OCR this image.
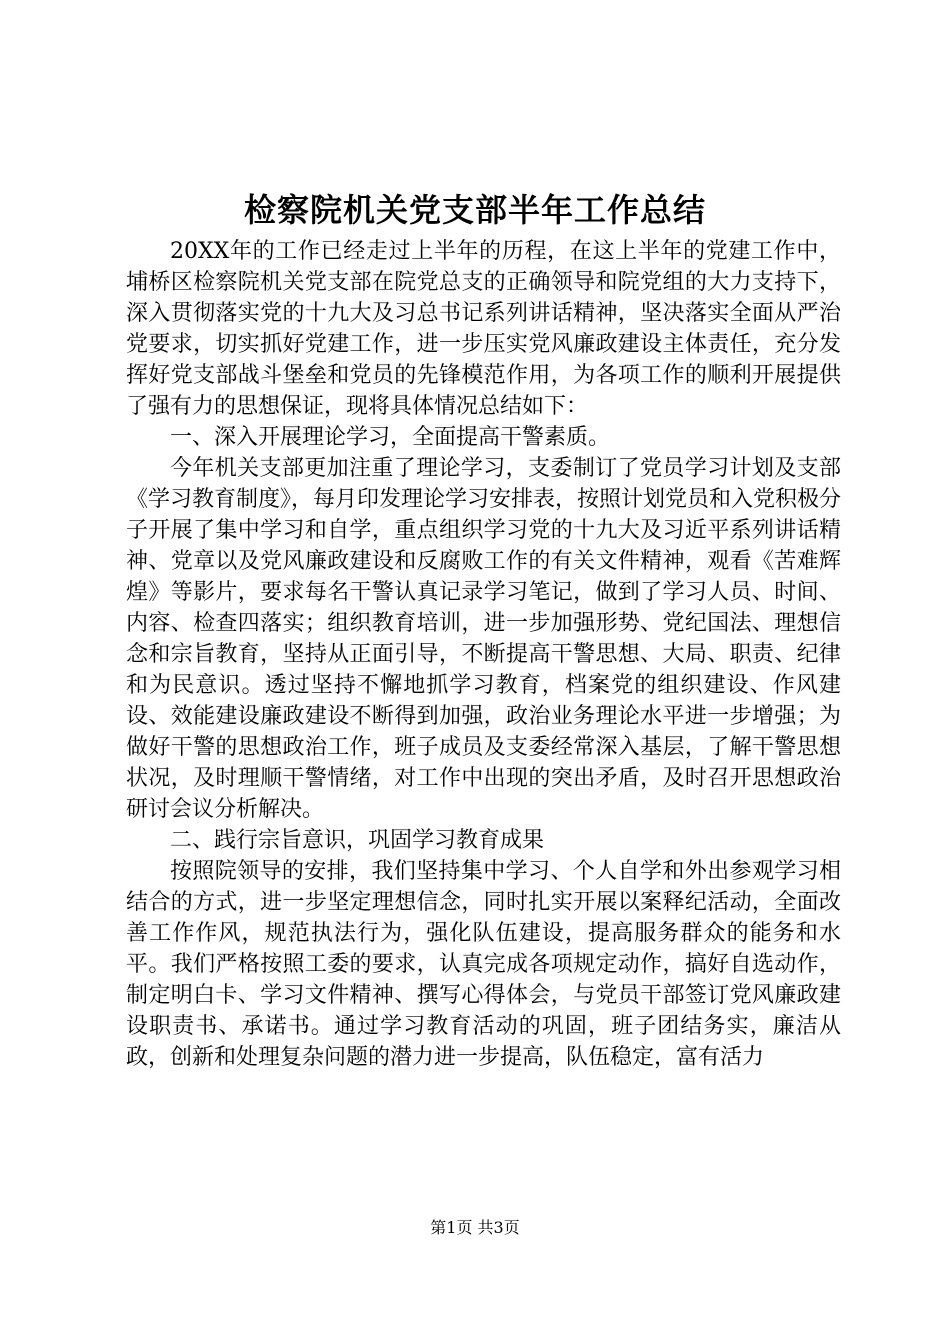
检察院机关党支部半年工作总结

20XX年的工作已经走过上半年的历程，在这上半年的党建工作中，埔桥区检察院机关党支部在院党总支的正确领导和院党组的大力支持下，深入贯彻落实党的十九大及习总书记系列讲话精神，坚决落实全面从严治党要求，切实抓好党建工作，进一步压实党风廉政建设主体责任，充分发挥好党支部战斗堡垒和党员的先锋模范作用，为各项工作的顺利开展提供了强有力的思想保证，现将具体情况总结如下：

一、深入开展理论学习，全面提高干警素质。

今年机关支部更加注重了理论学习，支委制订了党员学习计划及支部《学习教育制度》，每月印发理论学习安排表，按照计划党员和入党积极分子开展了集中学习和自学，重点组织学习党的十九大及习近平系列讲话精神、党章以及党风廉政建设和反腐败工作的有关文件精神，观看《苦难辉煌》等影片，要求每名干警认真记录学习笔记，做到了学习人员、时间、内容、检查四落实；组织教育培训，进一步加强形势、党纪国法、理想信念和宗旨教育，坚持从正面引导，不断提高干警思想、大局、职责、纪律和为民意识。透过坚持不懈地抓学习教育，档案党的组织建设、作风建设、效能建设廉政建设不断得到加强，政治业务理论水平进一步增强；为做好干警的思想政治工作，班子成员及支委经常深入基层，了解干警思想状况，及时理顺干警情绪，对工作中出现的突出矛盾，及时召开思想政治研讨会议分析解决。

二、践行宗旨意识，巩固学习教育成果

按照院领导的安排，我们坚持集中学习、个人自学和外出参观学习相结合的方式，进一步坚定理想信念，同时扎实开展以案释纪活动，全面改善工作作风，规范执法行为，强化队伍建设，提高服务群众的能务和水平。我们严格按照工委的要求，认真完成各项规定动作，搞好自选动作，制定明白卡、学习文件精神、撰写心得体会，与党员干部签订党风廉政建设职责书、承诺书。通过学习教育活动的巩固，班子团结务实，廉洁从政，创新和处理复杂问题的潜力进一步提高，队伍稳定，富有活力

第1页 共3页
